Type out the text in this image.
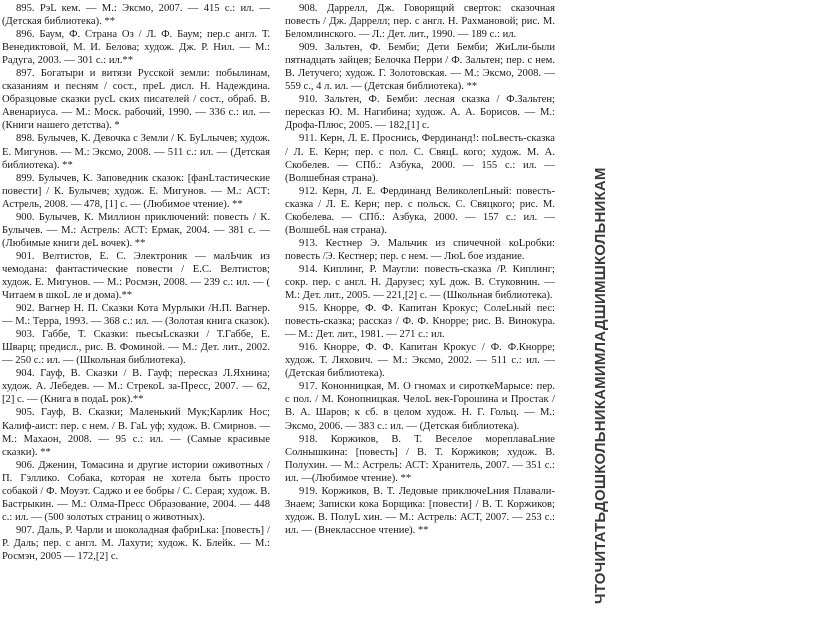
895. PэL кем. — М.: Эксмо, 2007. — 415 с.: ил. — (Детская библиотека). **

896. Баум, Ф. Страна Оз / Л. Ф. Баум; пер.с англ. Т. Венедиктовой, М. И. Белова; худож. Дж. Р. Нил. — М.: Радуга, 2003. — 301 с.: ил.**

897. Богатыри и витязи Русской земли: побылинам, сказаниям и песням / сост., преL дисл. Н. Надеждина. Образцовые сказки русL ских писателей / сост., обраб. В. Авенариуса. — М.: Моск. рабочий, 1990. — 336 с.: ил. — (Книги нашего детства). *

898. Булычев, К. Девочка с Земли / К. БуLлычев; худож. Е. Мигунов. — М.: Эксмо, 2008. — 511 с.: ил. — (Детская библиотека). **

899. Булычев, К. Заповедник сказок: [фанLтастические повести] / К. Булычев; худож. Е. Мигунов. — М.: АСТ: Астрель, 2008. — 478, [1] с. — (Любимое чтение). **

900. Булычев, К. Миллион приключений: повесть / К. Булычев. — М.: Астрель: АСТ: Ермак, 2004. — 381 с. — (Любимые книги деL вочек). **

901. Велтистов, Е. С. Электроник — малЬчик из чемодана: фантастические повести / Е.С. Велтистов; худож. Е. Мигунов. — М.: Росмэн, 2008. — 239 с.: ил. — ( Читаем в шкоL ле и дома).**

902. Вагнер Н. П. Сказки Кота Мурлыки /Н.П. Вагнер. — М.: Терра, 1993. — 368 с.: ил. — (Золотая книга сказок).

903. Габбе, Т. Сказки: пьесыLсказки / Т.Габбе, Е. Шварц; предисл., рис. В. Фоминой. — М.: Дет. лит., 2002. — 250 с.: ил. — (Школьная библиотека).

904. Гауф, В. Сказки / В. Гауф; пересказ Л.Яхнина; худож. А. Лебедев. — М.: СтрекоL за-Пресс, 2007. — 62, [2] с. — (Книга в подаL рок).**

905. Гауф, В. Сказки; Маленький Мук;Карлик Нос; Калиф-аист: пер. с нем. / В. ГаL уф; худож. В. Смирнов. — М.: Махаон, 2008. — 95 с.: ил. — (Самые красивые сказки). **

906. Дженин, Томасина и другие истории оживотных / П. Гэллико. Собака, которая не хотела быть просто собакой / Ф. Моуэт. Саджо и ее бобры / С. Серая; худож. В. Бастрыкин. — М.: Олма-Пресс Образование, 2004. — 448 с.: ил. — (500 золотых страниц о животных).

907. Даль, Р. Чарли и шоколадная фабриLка: [повесть] / Р. Даль; пер. с англ. М. Лахути; худож. К. Блейк. — М.: Росмэн, 2005 — 172,[2] с.

908. Даррелл, Дж. Говорящий сверток: сказочная повесть / Дж. Даррелл; пер. с англ. Н. Рахмановой; рис. М. Беломлинского. — Л.: Дет. лит., 1990. — 189 с.: ил.

909. Зальтен, Ф. Бемби; Дети Бемби; ЖиLли-были пятнадцать зайцев; Белочка Перри / Ф. Зальтен; пер. с нем. В. Летучего; худож. Г. Золотовская. — М.: Эксмо, 2008. — 559 с., 4 л. ил. — (Детская библиотека). **

910. Зальтен, Ф. Бемби: лесная сказка / Ф.Зальтен; пересказ Ю. М. Нагибина; худож. А. А. Борисов. — М.: Дрофа-Плюс, 2005. — 182,[1] с.

911. Керн, Л. Е. Проснись, Фердинанд!: поLвесть-сказка / Л. Е. Керн; пер. с пол. С. СвяцL кого; худож. М. А. Скобелев. — СПб.: Азбука, 2000. — 155 с.: ил. — (Волшебная страна).

912. Керн, Л. Е. Фердинанд ВеликолепLный: повесть-сказка / Л. Е. Керн; пер. с польск. С. Свяцкого; рис. М. Скобелева. — СПб.: Азбука, 2000. — 157 с.: ил. — (ВолшебL ная страна).

913. Кестнер Э. Мальчик из спичечной коLробки: повесть /Э. Кестнер; пер. с нем. — ЛюL бое издание.

914. Киплинг, Р. Маугли: повесть-сказка /Р. Киплинг; сокр. пер. с англ. Н. Дарузес; хуL дож. В. Стуковнин. — М.: Дет. лит., 2005. — 221,[2] с. — (Школьная библиотека).

915. Кнорре, Ф. Ф. Капитан Крокус; СолеLный пес: повесть-сказка; рассказ / Ф. Ф. Кнорре; рис. В. Винокура. — М.: Дет. лит., 1981. — 271 с.: ил.

916. Кнорре, Ф. Ф. Капитан Крокус / Ф. Ф.Кнорре; худож. Т. Ляхович. — М.: Эксмо, 2002. — 511 с.: ил. — (Детская библиотека).

917. Кононницкая, М. О гномах и сироткеМарысе: пер. с пол. / М. Конопницкая. ЧелоL век-Горошина и Простак / В. А. Шаров; к сб. в целом худож. Н. Г. Гольц. — М.: Эксмо, 2006. — 383 с.: ил. — (Детская библиотека).

918. Коржиков, В. Т. Веселое мореплаваLние Солнышкина: [повесть] / В. Т. Коржиков; худож. В. Полухин. — М.: Астрель: АСТ: Хранитель, 2007. — 351 с.: ил. —(Любимое чтение). **

919. Коржиков, В. Т. Ледовые приключеLния Плавали-Знаем; Записки кока Борщика: [повести] / В. Т. Коржиков; худож. В. ПолуL хин. — М.: Астрель: АСТ, 2007. — 253 с.: ил. — (Внеклассное чтение). **	ЧТОЧИТАТЬДОШКОЛЬНИКАМИМЛАДШИМШКОЛЬНИКАМ
